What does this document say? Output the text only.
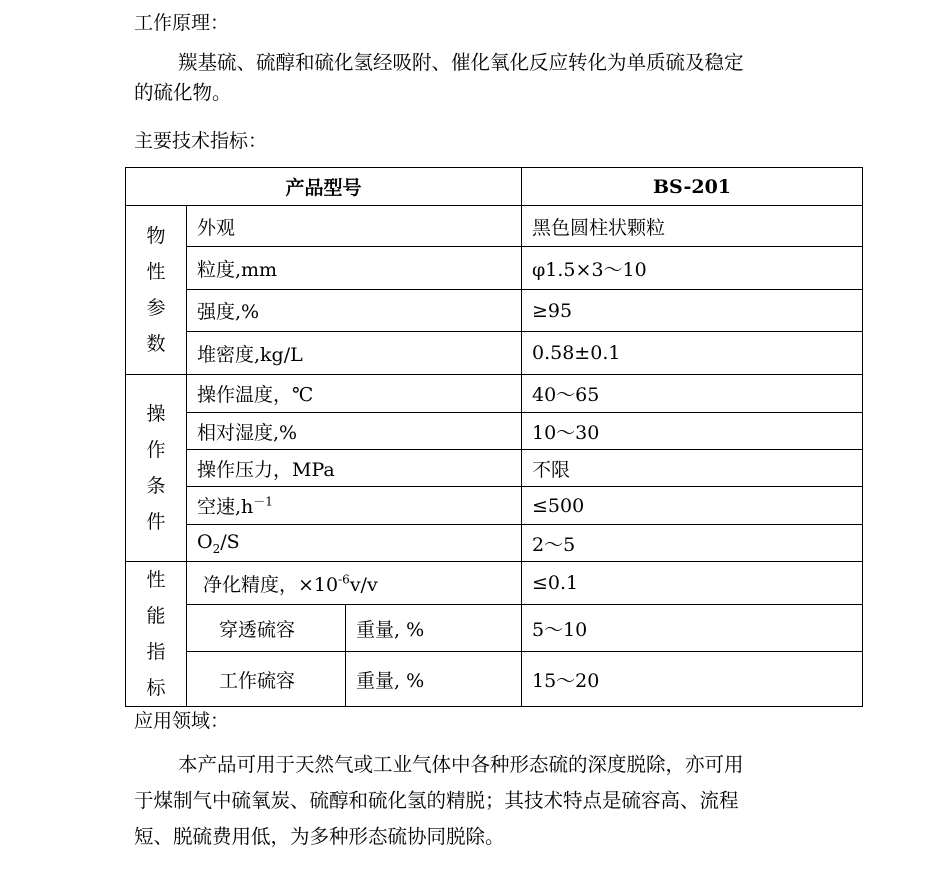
工作原理：
羰基硫、硫醇和硫化氢经吸附、催化氧化反应转化为单质硫及稳定
的硫化物。
主要技术指标：
产品型号			BS-201
物
性
参
数	外观		黑色圆柱状颗粒
	粒度,mm		φ1.5×3～10
	强度,%		≥95
	堆密度,kg/L		0.58±0.1
操
作
条
件	操作温度，℃		40～65
	相对湿度,%		10～30
	操作压力，MPa		不限
	空速$,h^{-1}$		≤500
	$O_2/S$		2～5
性
能
指
标	净化精度，$\times 10^{-6}v/v$		≤0.1
	穿透硫容	重量, %	5～10
	工作硫容	重量, %	15～20
应用领域：
本产品可用于天然气或工业气体中各种形态硫的深度脱除，亦可用
于煤制气中硫氧炭、硫醇和硫化氢的精脱；其技术特点是硫容高、流程
短、脱硫费用低，为多种形态硫协同脱除。
